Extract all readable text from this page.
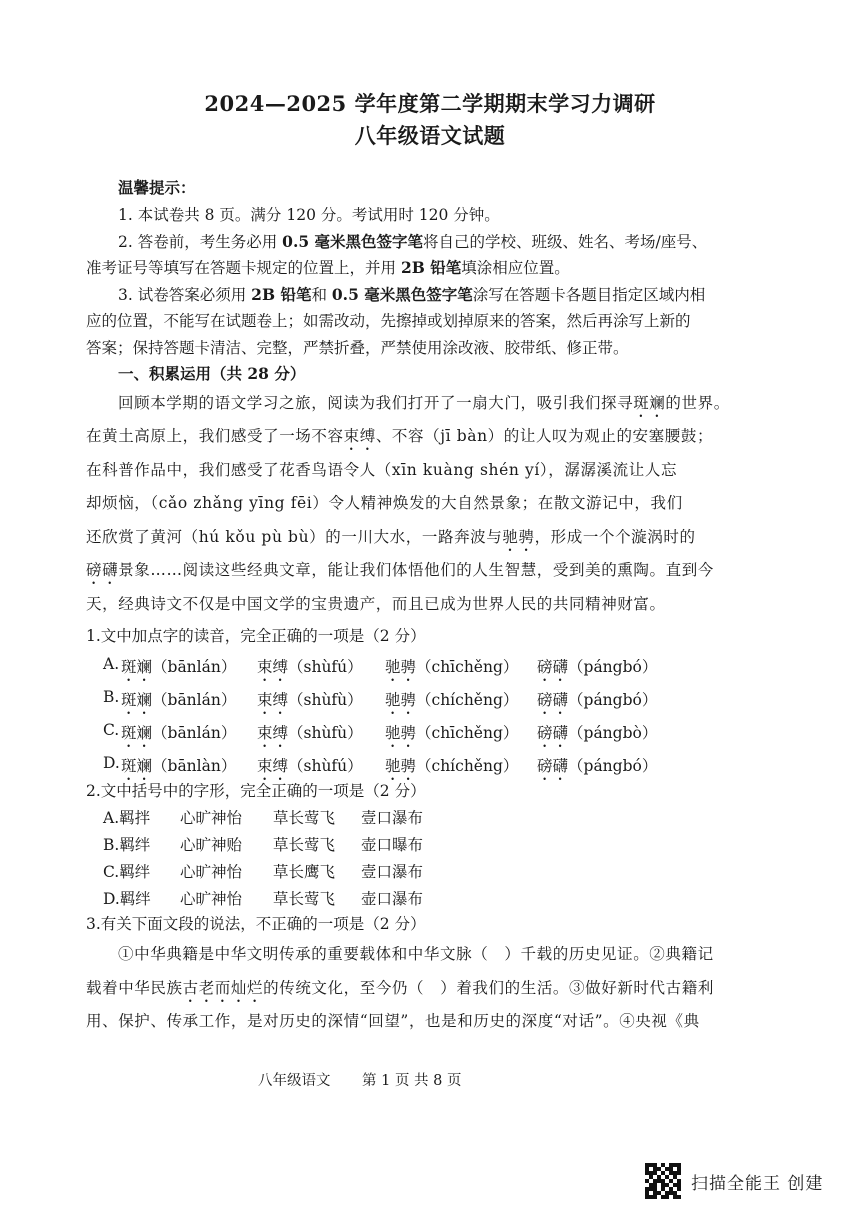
2024—2025 学年度第二学期期末学习力调研
八年级语文试题
温馨提示：
1. 本试卷共 8 页。满分 120 分。考试用时 120 分钟。
2. 答卷前，考生务必用 0.5 毫米黑色签字笔将自己的学校、班级、姓名、考场/座号、
准考证号等填写在答题卡规定的位置上，并用 2B 铅笔填涂相应位置。
3. 试卷答案必须用 2B 铅笔和 0.5 毫米黑色签字笔涂写在答题卡各题目指定区域内相
应的位置，不能写在试题卷上；如需改动，先擦掉或划掉原来的答案，然后再涂写上新的
答案；保持答题卡清洁、完整，严禁折叠，严禁使用涂改液、胶带纸、修正带。
一、积累运用（共 28 分）
回顾本学期的语文学习之旅，阅读为我们打开了一扇大门，吸引我们探寻斑斓的世界。
在黄土高原上，我们感受了一场不容束缚、不容（jī bàn）的让人叹为观止的安塞腰鼓；
在科普作品中，我们感受了花香鸟语令人（xīn kuàng shén yí），潺潺溪流让人忘
却烦恼，（cǎo zhǎng yīng fēi）令人精神焕发的大自然景象；在散文游记中，我们
还欣赏了黄河（hú kǒu pù bù）的一川大水，一路奔波与驰骋，形成一个个漩涡时的
磅礴景象……阅读这些经典文章，能让我们体悟他们的人生智慧，受到美的熏陶。直到今
天，经典诗文不仅是中国文学的宝贵遗产，而且已成为世界人民的共同精神财富。
1.文中加点字的读音，完全正确的一项是（2 分）
A. 斑斓（bānlán） 束缚（shùfú） 驰骋（chīchěng） 磅礴（pángbó）
B. 斑斓（bānlán） 束缚（shùfù） 驰骋（chíchěng） 磅礴（pángbó）
C. 斑斓（bānlán） 束缚（shùfù） 驰骋（chīchěng） 磅礴（pángbò）
D. 斑斓（bānlàn） 束缚（shùfú） 驰骋（chíchěng） 磅礴（pángbó）
2.文中括号中的字形，完全正确的一项是（2 分）
A.羁拌 心旷神怡 草长莺飞 壹口瀑布
B.羁绊 心旷神贻 草长莺飞 壶口曝布
C.羁绊 心旷神怡 草长鹰飞 壹口瀑布
D.羁绊 心旷神怡 草长莺飞 壶口瀑布
3.有关下面文段的说法，不正确的一项是（2 分）
①中华典籍是中华文明传承的重要载体和中华文脉（　）千载的历史见证。②典籍记
载着中华民族古老而灿烂的传统文化，至今仍（　）着我们的生活。③做好新时代古籍利
用、保护、传承工作，是对历史的深情“回望”，也是和历史的深度“对话”。④央视《典
八年级语文 第 1 页 共 8 页
扫描全能王 创建
